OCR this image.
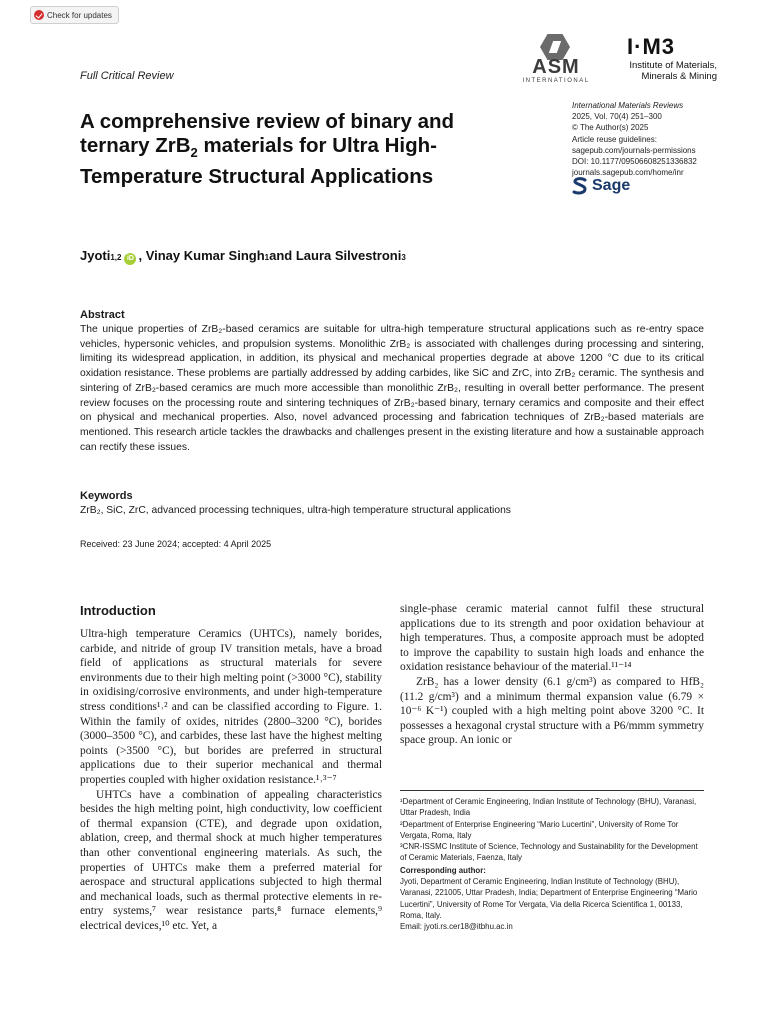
Check for updates
Full Critical Review
A comprehensive review of binary and ternary ZrB$_2$ materials for Ultra High-Temperature Structural Applications
ASM
INTERNATIONAL
I·M3
Institute of Materials,
Minerals & Mining
International Materials Reviews
2025, Vol. 70(4) 251–300
© The Author(s) 2025
Article reuse guidelines:
sagepub.com/journals-permissions
DOI: 10.1177/09506608251336832
journals.sagepub.com/home/inr
Sage
Jyoti 1,2 iD , Vinay Kumar Singh 1 and Laura Silvestroni 3
Abstract

The unique properties of ZrB₂-based ceramics are suitable for ultra-high temperature structural applications such as re-entry space vehicles, hypersonic vehicles, and propulsion systems. Monolithic ZrB₂ is associated with challenges during processing and sintering, limiting its widespread application, in addition, its physical and mechanical properties degrade at above 1200 °C due to its critical oxidation resistance. These problems are partially addressed by adding carbides, like SiC and ZrC, into ZrB₂ ceramic. The synthesis and sintering of ZrB₂-based ceramics are much more accessible than monolithic ZrB₂, resulting in overall better performance. The present review focuses on the processing route and sintering techniques of ZrB₂-based binary, ternary ceramics and composite and their effect on physical and mechanical properties. Also, novel advanced processing and fabrication techniques of ZrB₂-based materials are mentioned. This research article tackles the drawbacks and challenges present in the existing literature and how a sustainable approach can rectify these issues.

Keywords
ZrB₂, SiC, ZrC, advanced processing techniques, ultra-high temperature structural applications
Received: 23 June 2024; accepted: 4 April 2025
Introduction

Ultra-high temperature Ceramics (UHTCs), namely borides, carbide, and nitride of group IV transition metals, have a broad field of applications as structural materials for severe environments due to their high melting point (>3000 °C), stability in oxidising/corrosive environments, and under high-temperature stress conditions¹˒² and can be classified according to Figure. 1. Within the family of oxides, nitrides (2800–3200 °C), borides (3000–3500 °C), and carbides, these last have the highest melting points (>3500 °C), but borides are preferred in structural applications due to their superior mechanical and thermal properties coupled with higher oxidation resistance.¹˒³⁻⁷

UHTCs have a combination of appealing characteristics besides the high melting point, high conductivity, low coefficient of thermal expansion (CTE), and degrade upon oxidation, ablation, creep, and thermal shock at much higher temperatures than other conventional engineering materials. As such, the properties of UHTCs make them a preferred material for aerospace and structural applications subjected to high thermal and mechanical loads, such as thermal protective elements in re-entry systems,⁷ wear resistance parts,⁸ furnace elements,⁹ electrical devices,¹⁰ etc. Yet, a

single-phase ceramic material cannot fulfil these structural applications due to its strength and poor oxidation behaviour at high temperatures. Thus, a composite approach must be adopted to improve the capability to sustain high loads and enhance the oxidation resistance behaviour of the material.¹¹⁻¹⁴

ZrB₂ has a lower density (6.1 g/cm³) as compared to HfB₂ (11.2 g/cm³) and a minimum thermal expansion value (6.79 × 10⁻⁶ K⁻¹) coupled with a high melting point above 3200 °C. It possesses a hexagonal crystal structure with a P6/mmm symmetry space group. An ionic or

¹Department of Ceramic Engineering, Indian Institute of Technology (BHU), Varanasi, Uttar Pradesh, India

²Department of Enterprise Engineering “Mario Lucertini”, University of Rome Tor Vergata, Roma, Italy

³CNR-ISSMC Institute of Science, Technology and Sustainability for the Development of Ceramic Materials, Faenza, Italy

Corresponding author:

Jyoti, Department of Ceramic Engineering, Indian Institute of Technology (BHU), Varanasi, 221005, Uttar Pradesh, India; Department of Enterprise Engineering “Mario Lucertini”, University of Rome Tor Vergata, Via della Ricerca Scientifica 1, 00133, Roma, Italy.

Email: jyoti.rs.cer18@itbhu.ac.in
